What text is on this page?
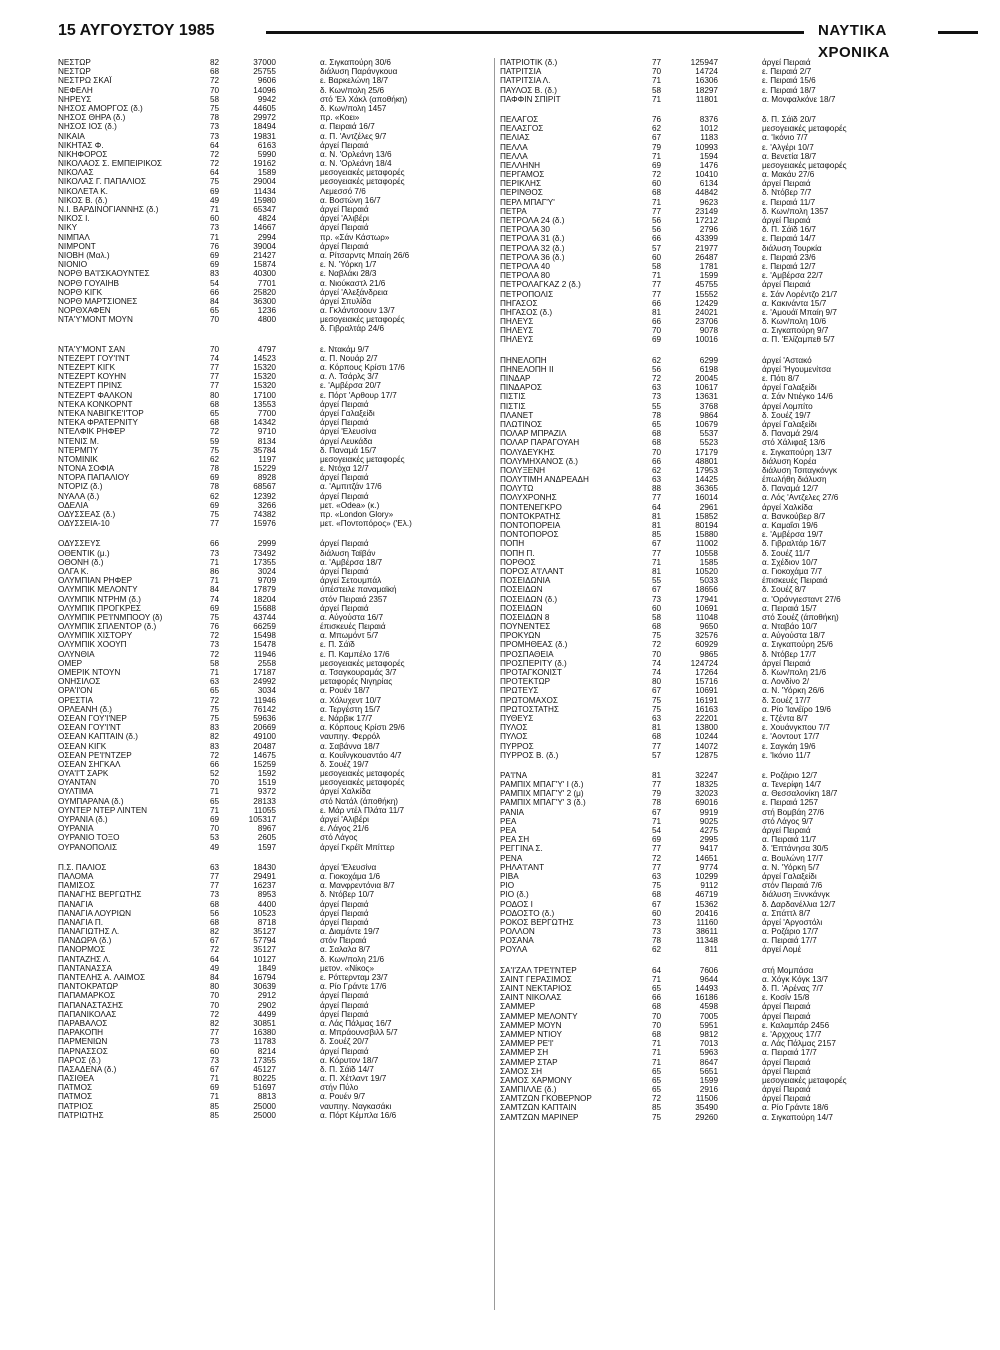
15 ΑΥΓΟΥΣΤΟΥ 1985	ΝΑΥΤΙΚΑ ΧΡΟΝΙΚΑ
ΝΕΣΤΩΡ	82	37000	α. Σιγκαπούρη 30/6
ΝΕΣΤΩΡ	68	25755	διάλυση Παράνγκουα
ΝΕΣΤΡΩ ΣΚΑΪ	72	9606	ε. Βαρκελώνη 18/7
ΝΕΦΕΛΗ	70	14096	δ. Κων/πολη 25/6
ΝΗΡΕΥΣ	58	9942	στό 'Ελ Χάκλ (αποθήκη)
ΝΗΣΟΣ ΑΜΟΡΓΟΣ (δ.)	75	44605	δ. Κων/πολη 1457
ΝΗΣΟΣ ΘΗΡΑ (δ.)	78	29972	πρ. «Κοει»
ΝΗΣΟΣ ΙΟΣ (δ.)	73	18494	α. Πειραιά 16/7
ΝΙΚΑΙΑ	73	19831	α. Π. 'Αντζέλες 9/7
ΝΙΚΗΤΑΣ Φ.	64	6163	άργεί Πειραιά
ΝΙΚΗΦΟΡΟΣ	72	5990	α. Ν. 'Ορλεάνη 13/6
ΝΙΚΟΛΑΟΣ Σ. ΕΜΠΕΙΡΙΚΟΣ	72	19162	α. Ν. 'Ορλεάνη 18/4
ΝΙΚΟΛΑΣ	64	1589	μεσογειακές μεταφορές
ΝΙΚΟΛΑΣ Γ. ΠΑΠΑΛΙΟΣ	75	29004	μεσογειακές μεταφορές
ΝΙΚΟΛΕΤΑ Κ.	69	11434	Λεμεσσό 7/6
ΝΙΚΟΣ Β. (δ.)	49	15980	α. Βοστώνη 16/7
Ν.Ι. ΒΑΡΔΙΝΟΓΙΑΝΝΗΣ (δ.)	71	65347	άργεί Πειραιά
ΝΙΚΟΣ Ι.	60	4824	άργεί 'Αλιβέρι
ΝΙΚΥ	73	14667	άργεί Πειραιά
ΝΙΜΠΑΛ	71	2994	πρ. «Σάν Κάστωρ»
ΝΙΜΡΟΝΤ	76	39004	άργεί Πειραιά
ΝΙΟΒΗ (Μαλ.)	69	21427	α. Ρίτσαρντς Μπαίη 26/6
ΝΙΟΝΙΟ	69	15874	ε. Ν. 'Υόρκη 1/7
ΝΟΡΘ ΒΑ'Ι'ΣΚΑΟΥΝΤΕΣ	83	40300	ε. Ναβλάκι 28/3
ΝΟΡΘ ΓΟΥΑΙΗΒ	54	7701	α. Νιούκαστλ 21/6
ΝΟΡΘ ΚΙΓΚ	66	25820	άργεί 'Αλεξάνδρεια
ΝΟΡΘ ΜΑΡΤΣΙΟΝΕΣ	84	36300	άργεί Σπυλίδα
ΝΟΡΘΧΑΦΕΝ	65	1236	α. Γκλάντσοουν 13/7
ΝΤΑ'Υ'ΜΟΝΤ ΜΟΥΝ	70	4800	μεσογειακές μεταφορές
δ. Γιβραλτάρ 24/6
ΝΤΑ'Υ'ΜΟΝΤ ΣΑΝ	70	4797	ε. Ντακάμ 9/7
ΝΤΕΖΕΡΤ ΓΟΥ'Ι'ΝΤ	74	14523	α. Π. Νουάρ 2/7
ΝΤΕΖΕΡΤ ΚΙΓΚ	77	15320	α. Κόρπους Κρίστι 17/6
ΝΤΕΖΕΡΤ ΚΟΥΗΝ	77	15320	α. Λ. Τσάρλς 3/7
ΝΤΕΖΕΡΤ ΠΡΙΝΣ	77	15320	ε. 'Αμβέρσα 20/7
ΝΤΕΖΕΡΤ ΦΑΛΚΟΝ	80	17100	ε. Πόρτ 'Αρθουρ 17/7
ΝΤΕΚΑ ΚΟΝΚΟΡΝΤ	68	13553	άργεί Πειραιά
ΝΤΕΚΑ ΝΑΒΙΓΚΕ'Ι'ΤΟΡ	65	7700	άργεί Γαλαξείδι
ΝΤΕΚΑ ΦΡΑΤΕΡΝΙΤΥ	68	14342	άργεί Πειραιά
ΝΤΕΛΦΙΚ ΡΗΦΕΡ	72	9710	άργεί 'Ελευσίνα
ΝΤΕΝΙΣ Μ.	59	8134	άργεί Λευκάδα
ΝΤΕΡΜΠΥ	75	35784	δ. Παναμά 15/7
ΝΤΟΜΙΝΙΚ	62	1197	μεσογειακές μεταφορές
ΝΤΟΝΑ ΣΟΦΙΑ	78	15229	ε. Ντόχα 12/7
ΝΤΟΡΑ ΠΑΠΑΛΙΟΥ	69	8928	άργεί Πειραιά
ΝΤΟΡΙΖ (δ.)	78	68567	α. 'Αμπιτζάν 17/6
ΝΥΑΛΑ (δ.)	62	12392	άργεί Πειραιά
ΟΔΕΛΙΑ	69	3266	μετ. «Odea» (κ.)
ΟΔΥΣΣΕΑΣ (δ.)	75	74382	πρ. «London Glory»
ΟΔΥΣΣΕΙΑ-10	77	15976	μετ. «Ποντοπόρος» ('Ελ.)
ΟΔΥΣΣΕΥΣ	66	2999	άργεί Πειραιά
ΟΘΕΝΤΙΚ (μ.)	73	73492	διάλυση Ταϊβάν
ΟΘΟΝΗ (δ.)	71	17355	α. 'Αμβέρσα 18/7
ΟΛΓΑ Κ.	86	3024	άργεί Πειραιά
ΟΛΥΜΠΙΑΝ ΡΗΦΕΡ	71	9709	άργεί Σετουμπάλ
ΟΛΥΜΠΙΚ ΜΕΛΟΝΤΥ	84	17879	ύπέστειλε παναμαϊκή
ΟΛΥΜΠΙΚ ΝΤΡΗΜ (δ.)	74	18204	στόν Πειραιά 2357
ΟΛΥΜΠΙΚ ΠΡΟΓΚΡΕΣ	69	15688	άργεί Πειραιά
ΟΛΥΜΠΙΚ ΡΕ'Ι'ΝΜΠΟΟΥ (δ)	75	43744	α. Αύγούστα 16/7
ΟΛΥΜΠΙΚ ΣΠΛΕΝΤΟΡ (δ.)	76	66259	έπισκευές Πειραιά
ΟΛΥΜΠΙΚ ΧΙΣΤΟΡΥ	72	15498	α. Μπωμόντ 5/7
ΟΛΥΜΠΙΚ ΧΟΟΥΠ	73	15478	ε. Π. Σάϊδ
ΟΛΥΝΘΙΑ	72	11946	ε. Π. Καμπέλο 17/6
ΟΜΕΡ	58	2558	μεσογειακές μεταφορές
ΟΜΕΡΙΚ ΝΤΟΥΝ	71	17187	α. Τσαγκουραμάς 3/7
ΟΝΗΣΙΛΟΣ	63	24992	μεταφορές Νιγηρίας
ΟΡΑ'Ι'ΟΝ	65	3034	α. Ρουέν 18/7
ΟΡΕΣΤΙΑ	72	11946	α. Χόλυχεντ 10/7
ΟΡΛΕΑΝΗ (δ.)	75	76142	α. Τεργέστη 15/7
ΟΣΕΑΝ ΓΟΥ'Ι'ΝΕΡ	75	59636	ε. Νάρβικ 17/7
ΟΣΕΑΝ ΓΟΥ'Ι'ΝΤ	83	20669	α. Κόρπους Κρίστι 29/6
ΟΣΕΑΝ ΚΑΠΤΑΙΝ (δ.)	82	49100	ναυπηγ. Φερρόλ
ΟΣΕΑΝ ΚΙΓΚ	83	20487	α. Σαβάννα 18/7
ΟΣΕΑΝ ΡΕ'Ι'ΝΤΖΕΡ	72	14675	α. Κουΐνγκουαντάο 4/7
ΟΣΕΑΝ ΣΗΓΚΑΛ	66	15259	δ. Σουέζ 19/7
ΟΥΑ'Ι'Τ ΣΑΡΚ	52	1592	μεσογειακές μεταφορές
ΟΥΑΝΤΑΝ	70	1519	μεσογειακές μεταφορές
ΟΥΛΤΙΜΑ	71	9372	άργεί Χαλκίδα
ΟΥΜΠΑΡΑΝΑ (δ.)	65	28133	στό Νατάλ (άποθήκη)
ΟΥΝΤΕΡ ΝΤΕΡ ΛΙΝΤΕΝ	71	11055	ε. Μάρ ντέλ Πλάτα 11/7
ΟΥΡΑΝΙΑ (δ.)	69	105317	άργεί 'Αλιβέρι
ΟΥΡΑΝΙΑ	70	8967	ε. Λάγος 21/6
ΟΥΡΑΝΙΟ ΤΟΞΟ	53	2605	στό Λάγος
ΟΥΡΑΝΟΠΟΛΙΣ	49	1597	άργεί Γκρέϊτ Μπίττερ
Π.Σ. ΠΑΛΙΟΣ	63	18430	άργεί 'Ελευσίνα
ΠΑΛΟΜΑ	77	29491	α. Γιοκοχάμα 1/6
ΠΑΜΙΣΟΣ	77	16237	α. Μανφρεντόνια 8/7
ΠΑΝΑΓΗΣ ΒΕΡΓΩΤΗΣ	73	8953	δ. Ντόβερ 10/7
ΠΑΝΑΓΙΑ	68	4400	άργεί Πειραιά
ΠΑΝΑΓΙΑ ΛΟΥΡΙΩΝ	56	10523	άργεί Πειραιά
ΠΑΝΑΓΙΑ Π.	68	8718	άργεί Πειραιά
ΠΑΝΑΓΙΩΤΗΣ Λ.	82	35127	α. Διαμάντε 19/7
ΠΑΝΔΩΡΑ (δ.)	67	57794	στόν Πειραιά
ΠΑΝΟΡΜΟΣ	72	35127	α. Σαλαλα 8/7
ΠΑΝΤΑΖΗΣ Λ.	64	10127	δ. Κων/πολη 21/6
ΠΑΝΤΑΝΑΣΣΑ	49	1849	μετον. «Νίκος»
ΠΑΝΤΕΛΗΣ Α. ΛΑΙΜΟΣ	84	16794	ε. Ρόττερνταμ 23/7
ΠΑΝΤΟΚΡΑΤΩΡ	80	30639	α. Ρίο Γράντε 17/6
ΠΑΠΑΜΑΡΚΟΣ	70	2912	άργεί Πειραιά
ΠΑΠΑΝΑΣΤΑΣΗΣ	70	2902	άργεί Πειραιά
ΠΑΠΑΝΙΚΟΛΑΣ	72	4499	άργεί Πειραιά
ΠΑΡΑΒΑΛΟΣ	82	30851	α. Λάς Πάλμας 16/7
ΠΑΡΑΚΟΠΗ	77	16380	α. Μπράουνσβιλλ 5/7
ΠΑΡΜΕΝΙΩΝ	73	11783	δ. Σουέζ 20/7
ΠΑΡΝΑΣΣΟΣ	60	8214	άργεί Πειραιά
ΠΑΡΟΣ (δ.)	73	17355	α. Κόρυτον 18/7
ΠΑΣΑΔΕΝΑ (δ.)	67	45127	δ. Π. Σάϊδ 14/7
ΠΑΣΙΘΕΑ	71	80225	α. Π. Χέτλαντ 19/7
ΠΑΤΜΟΣ	69	51697	στήν Πύλο
ΠΑΤΜΟΣ	71	8813	α. Ρουέν 9/7
ΠΑΤΡΙΟΣ	85	25000	ναυπηγ. Ναγκασάκι
ΠΑΤΡΙΩΤΗΣ	85	25000	α. Πόρτ Κέμπλα 16/6
ΠΑΤΡΙΟΤΙΚ (δ.)	77	125947	άργεί Πειραιά
ΠΑΤΡΙΤΣΙΑ	70	14724	ε. Πειραιά 2/7
ΠΑΤΡΙΤΣΙΑ Λ.	71	16306	ε. Πειραιά 15/6
ΠΑΥΛΟΣ Β. (δ.)	58	18297	ε. Πειραιά 18/7
ΠΑΦΦΙΝ ΣΠΙΡΙΤ	71	11801	α. Μονφαλκόνε 18/7
ΠΕΛΑΓΟΣ	76	8376	δ. Π. Σάϊδ 20/7
ΠΕΛΑΣΓΟΣ	62	1012	μεσογειακές μεταφορές
ΠΕΛΙΑΣ	67	1183	α. 'Ικόνιο 7/7
ΠΕΛΛΑ	79	10993	ε. 'Αλγέρι 10/7
ΠΕΛΛΑ	71	1594	α. Βενετία 18/7
ΠΕΛΛΗΝΗ	69	1476	μεσογειακές μεταφορές
ΠΕΡΓΑΜΟΣ	72	10410	α. Μακάυ 27/6
ΠΕΡΙΚΛΗΣ	60	6134	άργεί Πειραιά
ΠΕΡΙΝΘΟΣ	68	44842	δ. Ντόβερ 7/7
ΠΕΡΛ ΜΠΑΓ'Υ'	71	9623	ε. Πειραιά 11/7
ΠΕΤΡΑ	77	23149	δ. Κων/πολη 1357
ΠΕΤΡΟΛΑ 24 (δ.)	56	17212	άργεί Πειραιά
ΠΕΤΡΟΛΑ 30	56	2796	δ. Π. Σάϊδ 16/7
ΠΕΤΡΟΛΑ 31 (δ.)	66	43399	ε. Πειραιά 14/7
ΠΕΤΡΟΛΑ 32 (δ.)	57	21977	διάλυση Τουρκία
ΠΕΤΡΟΛΑ 36 (δ.)	60	26487	ε. Πειραιά 23/6
ΠΕΤΡΟΛΑ 40	58	1781	ε. Πειραιά 12/7
ΠΕΤΡΟΛΑ 80	71	1599	ε. 'Αμβέρσα 22/7
ΠΕΤΡΟΛΑΓΚΑΖ 2 (δ.)	77	45755	άργεί Πειραιά
ΠΕΤΡΟΠΟΛΙΣ	77	15552	ε. Σάν Λορέντζο 21/7
ΠΗΓΑΣΟΣ	66	12429	α. Κακινάντα 15/7
ΠΗΓΑΣΟΣ (δ.)	81	24021	ε. 'Αμουάϊ Μπαίη 9/7
ΠΗΛΕΥΣ	66	23706	δ. Κων/πολη 10/6
ΠΗΛΕΥΣ	70	9078	α. Σιγκαπούρη 9/7
ΠΗΛΕΥΣ	69	10016	α. Π. 'Ελίζαμπεθ 5/7
ΠΗΝΕΛΟΠΗ	62	6299	άργεί 'Αστακό
ΠΗΝΕΛΟΠΗ ΙΙ	56	6198	άργεί 'Ηγουμενίτσα
ΠΙΝΔΑΡ	72	20045	ε. Πότι 8/7
ΠΙΝΔΑΡΟΣ	63	10617	άργεί Γαλαξείδι
ΠΙΣΤΙΣ	73	13631	α. Σάν Ντιέγκο 14/6
ΠΙΣΤΙΣ	55	3768	άργεί Λομπίτο
ΠΛΑΝΕΤ	78	9864	δ. Σουέζ 19/7
ΠΛΩΤΙΝΟΣ	65	10679	άργεί Γαλαξείδι
ΠΟΛΑΡ ΜΠΡΑΖΙΛ	68	5537	δ. Παναμά 29/4
ΠΟΛΑΡ ΠΑΡΑΓΟΥΑΗ	68	5523	στό Χάλιφαξ 13/6
ΠΟΛΥΔΕΥΚΗΣ	70	17179	ε. Σιγκαπούρη 13/7
ΠΟΛΥΜΗΧΑΝΟΣ (δ.)	66	48801	διάλυση Κορέα
ΠΟΛΥΞΕΝΗ	62	17953	διάλυση Τσιταγκόνγκ
ΠΟΛΥΤΙΜΗ ΑΝΔΡΕΑΔΗ	63	14425	έπωλήθη διάλυση
ΠΟΛΥΤΩ	88	36365	δ. Παναμά 12/7
ΠΟΛΥΧΡΟΝΗΣ	77	16014	α. Λός 'Αντζελες 27/6
ΠΟΝΤΕΝΕΓΚΡΟ	64	2961	άργεί Χαλκίδα
ΠΟΝΤΟΚΡΑΤΗΣ	81	15852	α. Βανκούβερ 8/7
ΠΟΝΤΟΠΟΡΕΙΑ	81	80194	α. Καμαΐσι 19/6
ΠΟΝΤΟΠΟΡΟΣ	85	15880	ε. 'Αμβέρσα 19/7
ΠΟΠΗ	67	11002	δ. Γιβραλτάρ 16/7
ΠΟΠΗ Π.	77	10558	δ. Σουέζ 11/7
ΠΟΡΘΟΣ	71	1585	α. Σχέδιον 10/7
ΠΟΡΟΣ Α'Ι'ΛΑΝΤ	81	10520	α. Γιοκοχάμα 7/7
ΠΟΣΕΙΔΩΝΙΑ	55	5033	έπισκευές Πειραιά
ΠΟΣΕΙΔΩΝ	67	18656	δ. Σουέζ 8/7
ΠΟΣΕΙΔΩΝ (δ.)	73	17941	α. 'Οράνγιεσταντ 27/6
ΠΟΣΕΙΔΩΝ	60	10691	α. Πειραιά 15/7
ΠΟΣΕΙΔΩΝ 8	58	11048	στό Σουέζ (άποθήκη)
ΠΟΥΝΕΝΤΕΣ	68	9650	α. Νταβάο 10/7
ΠΡΟΚΥΩΝ	75	32576	α. Αύγούστα 18/7
ΠΡΟΜΗΘΕΑΣ (δ.)	72	60929	α. Σιγκαπούρη 25/6
ΠΡΟΣΠΑΘΕΙΑ	70	9865	δ. Ντόβερ 17/7
ΠΡΟΣΠΕΡΙΤΥ (δ.)	74	124724	άργεί Πειραιά
ΠΡΟΤΑΓΚΟΝΙΣΤ	74	17264	δ. Κων/πολη 21/6
ΠΡΟΤΕΚΤΩΡ	80	15716	α. Λονδίνο 2/
ΠΡΩΤΕΥΣ	67	10691	α. Ν. 'Υόρκη 26/6
ΠΡΩΤΟΜΑΧΟΣ	75	16191	δ. Σουέζ 17/7
ΠΡΩΤΟΣΤΑΤΗΣ	75	16163	α. Ρίο 'Ιανέϊρο 19/6
ΠΥΘΕΥΣ	63	22201	ε. Τζέντα 8/7
ΠΥΛΟΣ	81	13800	ε. Χουάνγκπου 7/7
ΠΥΛΟΣ	68	10244	ε. 'Αοντουτ 17/7
ΠΥΡΡΟΣ	77	14072	ε. Σαγκάη 19/6
ΠΥΡΡΟΣ Β. (δ.)	57	12875	ε. 'Ικόνιο 11/7
ΡΑ'Ι'ΝΑ	81	32247	ε. Ροζάριο 12/7
ΡΑΜΠΙΧ ΜΠΑΓ'Υ' Ι (δ.)	77	18325	α. Τενερίφη 14/7
ΡΑΜΠΙΧ ΜΠΑΓ'Υ' 2 (μ)	79	32023	α. Θεσσαλονίκη 18/7
ΡΑΜΠΙΧ ΜΠΑΓ'Υ' 3 (δ.)	78	69016	ε. Πειραιά 1257
ΡΑΝΙΑ	67	9919	στή Βομβάη 27/6
ΡΕΑ	71	9025	στό Λάγος 9/7
ΡΕΑ	54	4275	άργεί Πειραιά
ΡΕΑ ΣΗ	69	2995	α. Πειραιά 11/7
ΡΕΓΓΙΝΑ Σ.	77	9417	δ. 'Επτάνησα 30/5
ΡΕΝΑ	72	14651	α. Βουλώνη 17/7
ΡΗΛΑ'Ι'ΑΝΤ	77	9774	α. Ν. 'Υόρκη 5/7
ΡΙΒΑ	63	10299	άργεί Γαλαξείδι
ΡΙΟ	75	9112	στόν Πειραιά 7/6
ΡΙΟ (δ.)	68	46719	διάλυση Ξιννκάνγκ
ΡΟΔΟΣ Ι	67	15362	δ. Δαρδανέλλια 12/7
ΡΟΔΟΣΤΟ (δ.)	60	20416	α. Σπάττλ 8/7
ΡΟΚΟΣ ΒΕΡΓΩΤΗΣ	73	11160	άργεί 'Αργοστόλι
ΡΟΛΛΟΝ	73	38611	α. Ροζάριο 17/7
ΡΟΣΑΝΑ	78	11348	α. Πειραιά 17/7
ΡΟΥΛΑ	62	811	άργεί Λομέ
ΣΑ'Ι'ΖΑΛ ΤΡΕ'Ι'ΝΤΕΡ	64	7606	στή Μομπάσα
ΣΑΙΝΤ ΓΕΡΑΣΙΜΟΣ	71	9644	α. Χόγκ Κόγκ 13/7
ΣΑΙΝΤ ΝΕΚΤΑΡΙΟΣ	65	14493	δ. Π. 'Αρένας 7/7
ΣΑΙΝΤ ΝΙΚΟΛΑΣ	66	16186	ε. Κοσίν 15/8
ΣΑΜΜΕΡ	68	4598	άργεί Πειραιά
ΣΑΜΜΕΡ ΜΕΛΟΝΤΥ	70	7005	άργεί Πειραιά
ΣΑΜΜΕΡ ΜΟΥΝ	70	5951	ε. Καλαμπάρ 2456
ΣΑΜΜΕΡ ΝΤΙΟΥ	68	9812	ε. 'Αρχχους 17/7
ΣΑΜΜΕΡ ΡΕ'Ι'	71	7013	α. Λάς Πάλμας 2157
ΣΑΜΜΕΡ ΣΗ	71	5963	α. Πειραιά 17/7
ΣΑΜΜΕΡ ΣΤΑΡ	71	8647	άργεί Πειραιά
ΣΑΜΟΣ ΣΗ	65	5651	άργεί Πειραιά
ΣΑΜΟΣ ΧΑΡΜΟΝΥ	65	1599	μεσογειακές μεταφορές
ΣΑΜΠΙΛΛΕ (δ.)	65	2916	άργεί Πειραιά
ΣΑΜΤΖΩΝ ΓΚΟΒΕΡΝΟΡ	72	11506	άργεί Πειραιά
ΣΑΜΤΖΩΝ ΚΑΠΤΑΙΝ	85	35490	α. Ρίο Γράντε 18/6
ΣΑΜΤΖΩΝ ΜΑΡΙΝΕΡ	75	29260	α. Σιγκαπούρη 14/7
